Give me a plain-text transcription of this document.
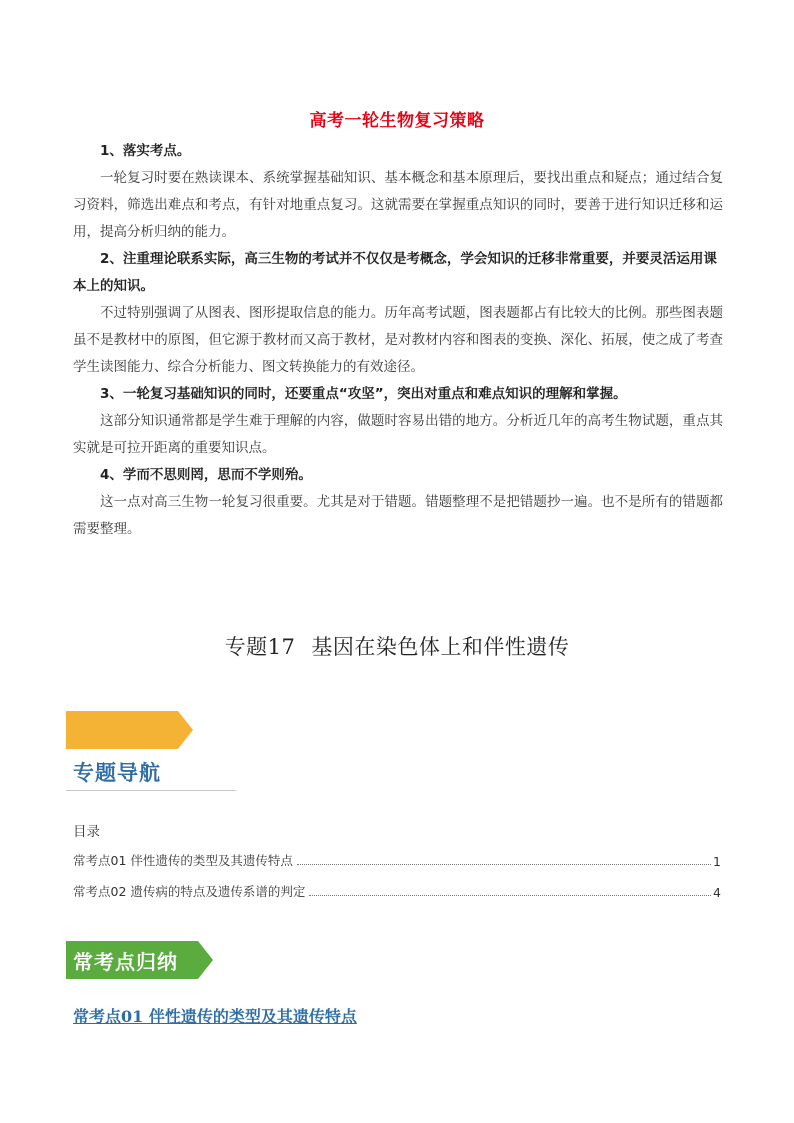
高考一轮生物复习策略

1、落实考点。

一轮复习时要在熟读课本、系统掌握基础知识、基本概念和基本原理后，要找出重点和疑点；通过结合复习资料，筛选出难点和考点，有针对地重点复习。这就需要在掌握重点知识的同时，要善于进行知识迁移和运用，提高分析归纳的能力。

2、注重理论联系实际，高三生物的考试并不仅仅是考概念，学会知识的迁移非常重要，并要灵活运用课本上的知识。

不过特别强调了从图表、图形提取信息的能力。历年高考试题，图表题都占有比较大的比例。那些图表题虽不是教材中的原图，但它源于教材而又高于教材，是对教材内容和图表的变换、深化、拓展，使之成了考查学生读图能力、综合分析能力、图文转换能力的有效途径。

3、一轮复习基础知识的同时，还要重点“攻坚”，突出对重点和难点知识的理解和掌握。

这部分知识通常都是学生难于理解的内容，做题时容易出错的地方。分析近几年的高考生物试题，重点其实就是可拉开距离的重要知识点。

4、学而不思则罔，思而不学则殆。

这一点对高三生物一轮复习很重要。尤其是对于错题。错题整理不是把错题抄一遍。也不是所有的错题都需要整理。

专题17 基因在染色体上和伴性遗传
专题导航
目录
常考点01 伴性遗传的类型及其遗传特点	1
常考点02 遗传病的特点及遗传系谱的判定	4
常考点归纳
常考点01 伴性遗传的类型及其遗传特点
